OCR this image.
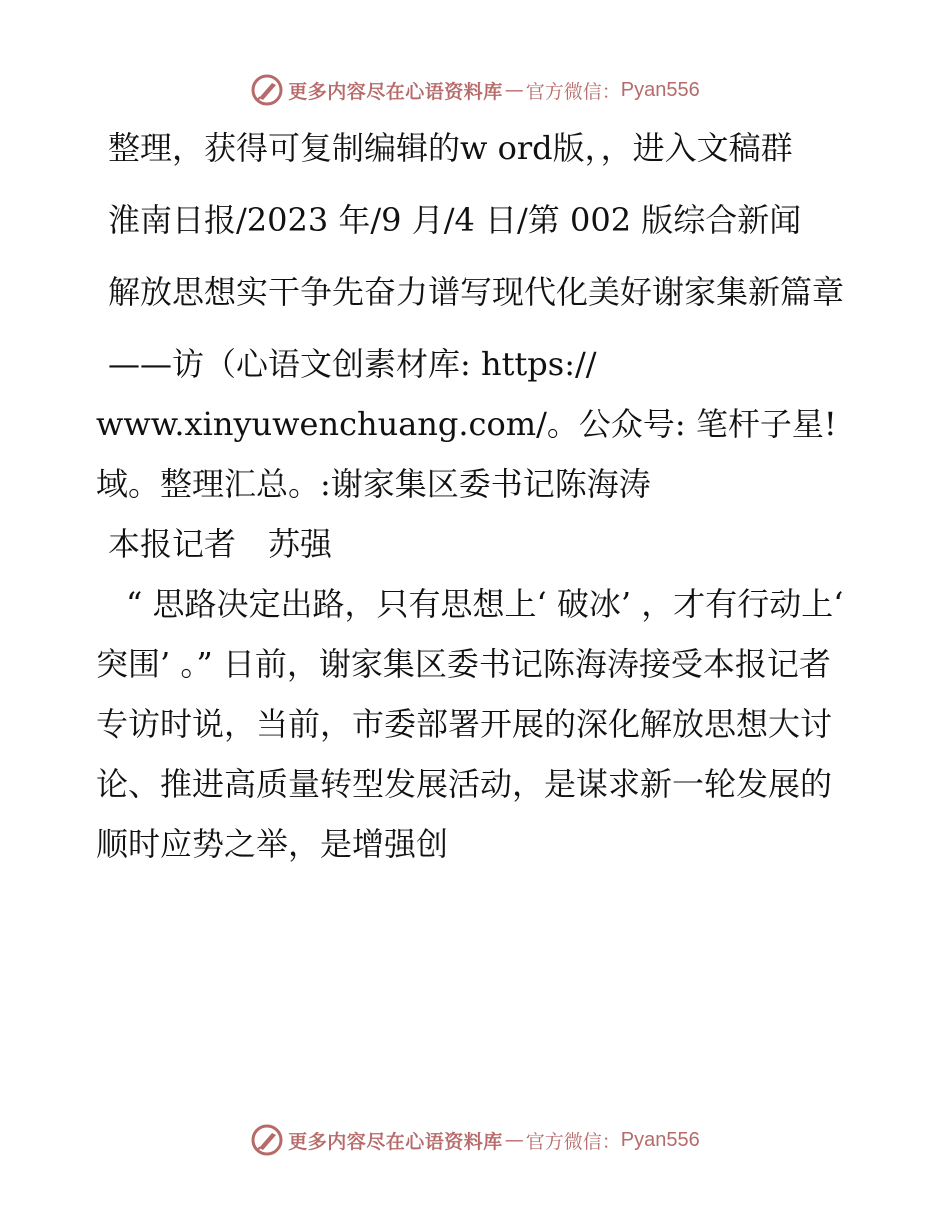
更多内容尽在心语资料库 — 官方微信： Pyan556

整理，获得可复制编辑的w ord版，，进入文稿群

淮南日报/2023 年/9 月/4 日/第 002 版综合新闻

解放思想实干争先奋力谱写现代化美好谢家集新篇章

——访（心语文创素材库: https:// www.xinyuwenchuang.com/。公众号: 笔杆子星! 域。整理汇总。:谢家集区委书记陈海涛

本报记者　苏强

“ 思路决定出路，只有思想上‘ 破冰’ ，才有行动上‘ 突围’ 。” 日前，谢家集区委书记陈海涛接受本报记者专访时说，当前，市委部署开展的深化解放思想大讨论、推进高质量转型发展活动，是谋求新一轮发展的顺时应势之举，是增强创

更多内容尽在心语资料库 — 官方微信： Pyan556
